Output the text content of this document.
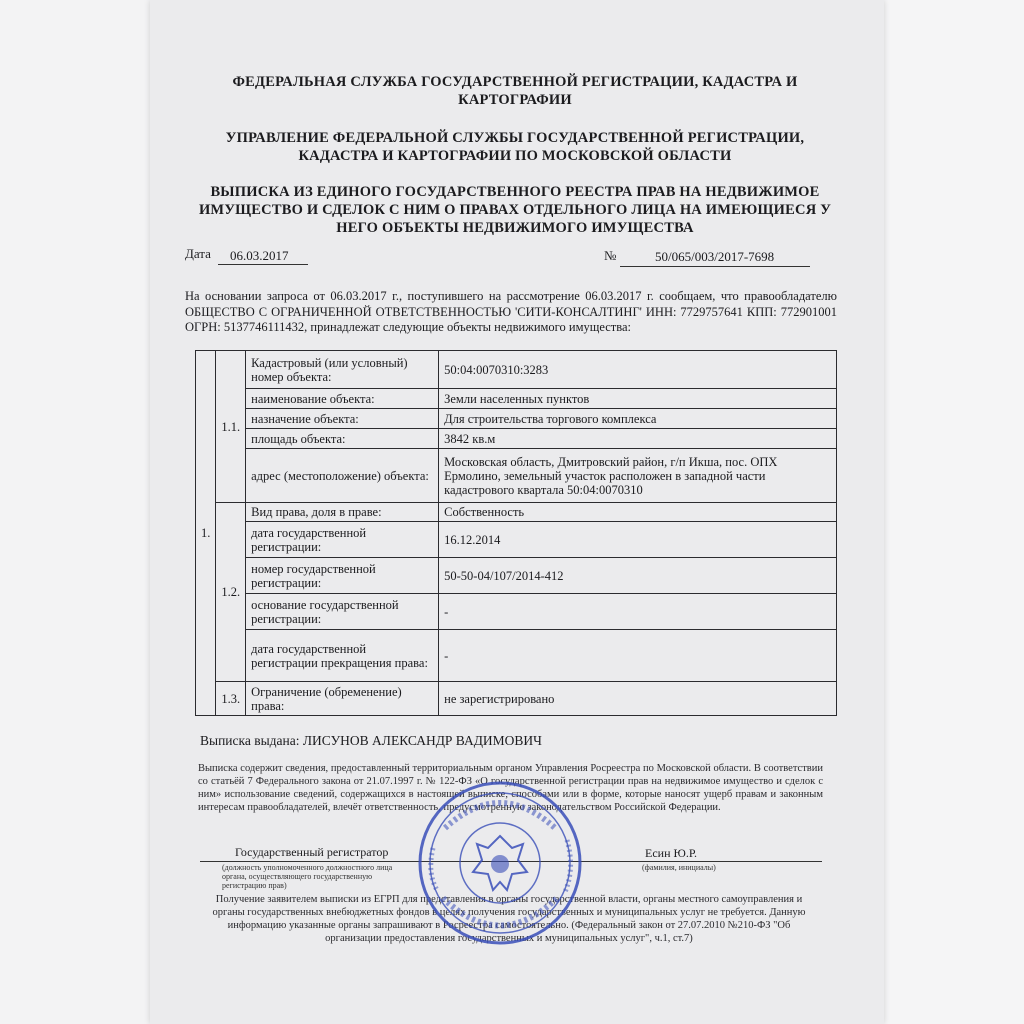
ФЕДЕРАЛЬНАЯ СЛУЖБА ГОСУДАРСТВЕННОЙ РЕГИСТРАЦИИ, КАДАСТРА И КАРТОГРАФИИ
УПРАВЛЕНИЕ ФЕДЕРАЛЬНОЙ СЛУЖБЫ ГОСУДАРСТВЕННОЙ РЕГИСТРАЦИИ, КАДАСТРА И КАРТОГРАФИИ ПО МОСКОВСКОЙ ОБЛАСТИ
ВЫПИСКА ИЗ ЕДИНОГО ГОСУДАРСТВЕННОГО РЕЕСТРА ПРАВ НА НЕДВИЖИМОЕ ИМУЩЕСТВО И СДЕЛОК С НИМ О ПРАВАХ ОТДЕЛЬНОГО ЛИЦА НА ИМЕЮЩИЕСЯ У НЕГО ОБЪЕКТЫ НЕДВИЖИМОГО ИМУЩЕСТВА
Дата 06.03.2017	№	50/065/003/2017-7698
На основании запроса от 06.03.2017 г., поступившего на рассмотрение 06.03.2017 г. сообщаем, что правообладателю ОБЩЕСТВО С ОГРАНИЧЕННОЙ ОТВЕТСТВЕННОСТЬЮ 'СИТИ-КОНСАЛТИНГ' ИНН: 7729757641 КПП: 772901001 ОГРН: 5137746111432, принадлежат следующие объекты недвижимого имущества:
1.	1.1.	Кадастровый (или условный) номер объекта:	50:04:0070310:3283
		наименование объекта:	Земли населенных пунктов
		назначение объекта:	Для строительства торгового комплекса
		площадь объекта:	3842 кв.м
		адрес (местоположение) объекта:	Московская область, Дмитровский район, г/п Икша, пос. ОПХ Ермолино, земельный участок расположен в западной части кадастрового квартала 50:04:0070310
	1.2.	Вид права, доля в праве:	Собственность
		дата государственной регистрации:	16.12.2014
		номер государственной регистрации:	50-50-04/107/2014-412
		основание государственной регистрации:	-
		дата государственной регистрации прекращения права:	-
	1.3.	Ограничение (обременение) права:	не зарегистрировано
Выписка выдана: ЛИСУНОВ АЛЕКСАНДР ВАДИМОВИЧ
Выписка содержит сведения, предоставленный территориальным органом Управления Росреестра по Московской области. В соответствии со статьёй 7 Федерального закона от 21.07.1997 г. № 122-ФЗ «О государственной регистрации прав на недвижимое имущество и сделок с ним» использование сведений, содержащихся в настоящей выписке, способами или в форме, которые наносят ущерб правам и законным интересам правообладателей, влечёт ответственность, предусмотренную законодательством Российской Федерации.
Государственный регистратор	Есин Ю.Р.
(должность уполномоченного должностного лица органа, осуществляющего государственную регистрацию прав)
(фамилия, инициалы)
Получение заявителем выписки из ЕГРП для представления в органы государственной власти, органы местного самоуправления и органы государственных внебюджетных фондов в целях получения государственных и муниципальных услуг не требуется. Данную информацию указанные органы запрашивают в Росреестра самостоятельно. (Федеральный закон от 27.07.2010 №210-ФЗ "Об организации предоставления государственных и муниципальных услуг", ч.1, ст.7)
